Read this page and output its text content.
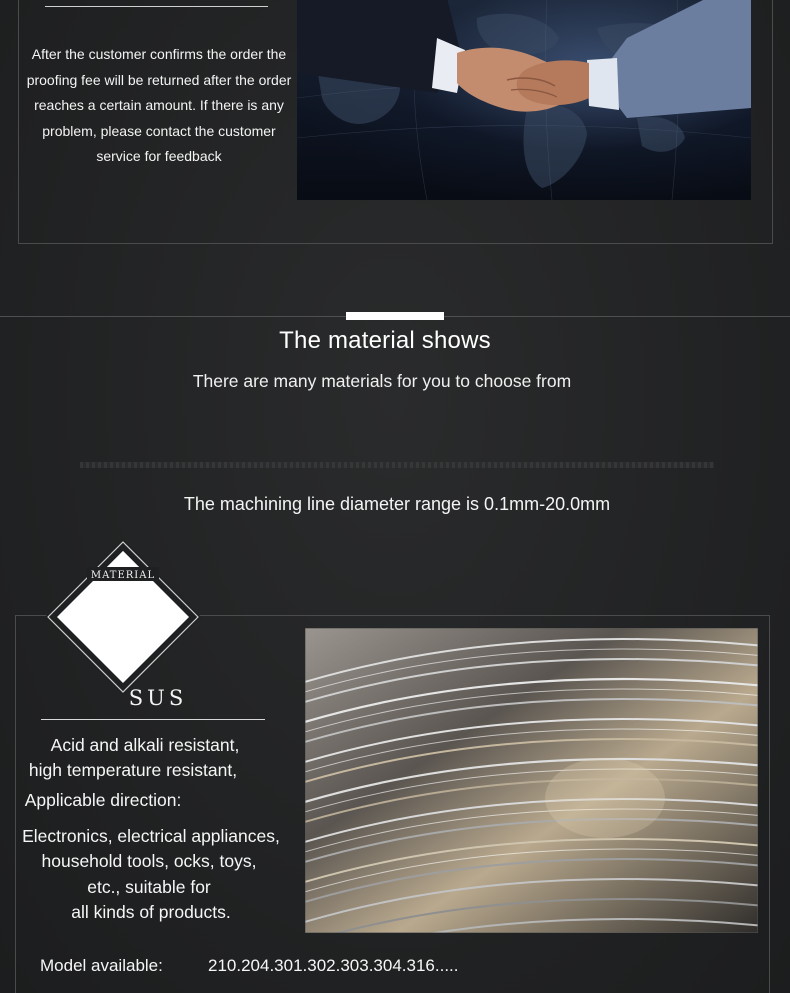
After the customer confirms the order the proofing fee will be returned after the order reaches a certain amount. If there is any problem, please contact the customer service for feedback
The material shows
There are many materials for you to choose from
The machining line diameter range is 0.1mm-20.0mm
MATERIAL
SUS
Acid and alkali resistant,
high temperature resistant,
Applicable direction:
Electronics, electrical appliances,
household tools, ocks, toys,
etc., suitable for
all kinds of products.
Model available:	210.204.301.302.303.304.316.....
